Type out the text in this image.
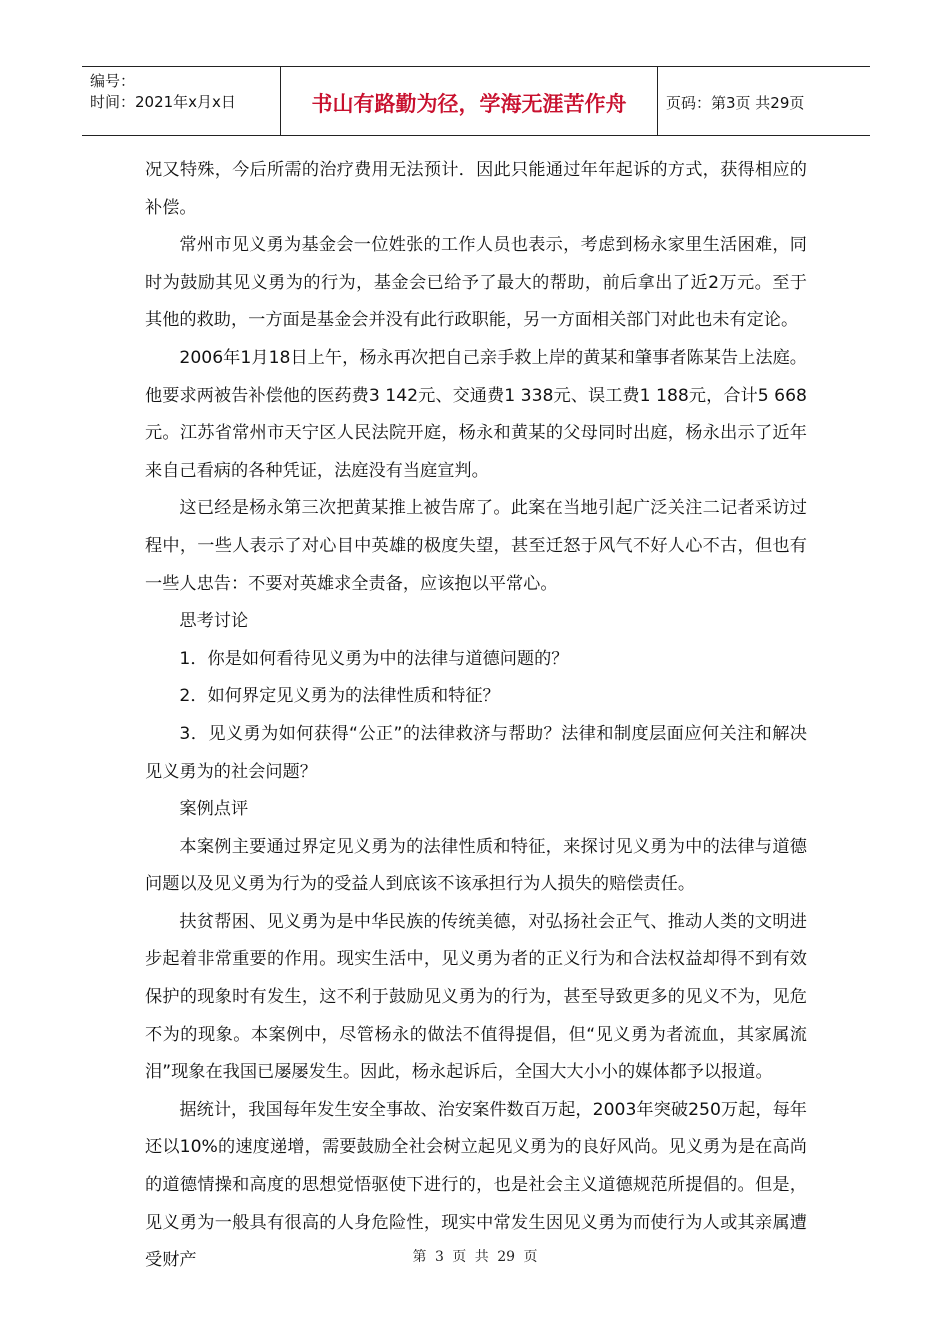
编号：
时间：2021年x月x日	书山有路勤为径，学海无涯苦作舟	页码：第3页 共29页

况又特殊，今后所需的治疗费用无法预计．因此只能通过年年起诉的方式，获得相应的补偿。

常州市见义勇为基金会一位姓张的工作人员也表示，考虑到杨永家里生活困难，同时为鼓励其见义勇为的行为，基金会已给予了最大的帮助，前后拿出了近2万元。至于其他的救助，一方面是基金会并没有此行政职能，另一方面相关部门对此也未有定论。

2006年1月18日上午，杨永再次把自己亲手救上岸的黄某和肇事者陈某告上法庭。他要求两被告补偿他的医药费3 142元、交通费1 338元、误工费1 188元，合计5 668元。江苏省常州市天宁区人民法院开庭，杨永和黄某的父母同时出庭，杨永出示了近年来自己看病的各种凭证，法庭没有当庭宣判。

这已经是杨永第三次把黄某推上被告席了。此案在当地引起广泛关注二记者采访过程中，一些人表示了对心目中英雄的极度失望，甚至迁怒于风气不好人心不古，但也有一些人忠告：不要对英雄求全责备，应该抱以平常心。

思考讨论

1．你是如何看待见义勇为中的法律与道德问题的？

2．如何界定见义勇为的法律性质和特征？

3．见义勇为如何获得“公正”的法律救济与帮助？法律和制度层面应何关注和解决见义勇为的社会问题？

案例点评

本案例主要通过界定见义勇为的法律性质和特征，来探讨见义勇为中的法律与道德问题以及见义勇为行为的受益人到底该不该承担行为人损失的赔偿责任。

扶贫帮困、见义勇为是中华民族的传统美德，对弘扬社会正气、推动人类的文明进步起着非常重要的作用。现实生活中，见义勇为者的正义行为和合法权益却得不到有效保护的现象时有发生，这不利于鼓励见义勇为的行为，甚至导致更多的见义不为，见危不为的现象。本案例中，尽管杨永的做法不值得提倡，但“见义勇为者流血，其家属流泪”现象在我国已屡屡发生。因此，杨永起诉后，全国大大小小的媒体都予以报道。

据统计，我国每年发生安全事故、治安案件数百万起，2003年突破250万起，每年还以10%的速度递增，需要鼓励全社会树立起见义勇为的良好风尚。见义勇为是在高尚的道德情操和高度的思想觉悟驱使下进行的，也是社会主义道德规范所提倡的。但是，见义勇为一般具有很高的人身危险性，现实中常发生因见义勇为而使行为人或其亲属遭受财产	第 3 页 共 29 页
